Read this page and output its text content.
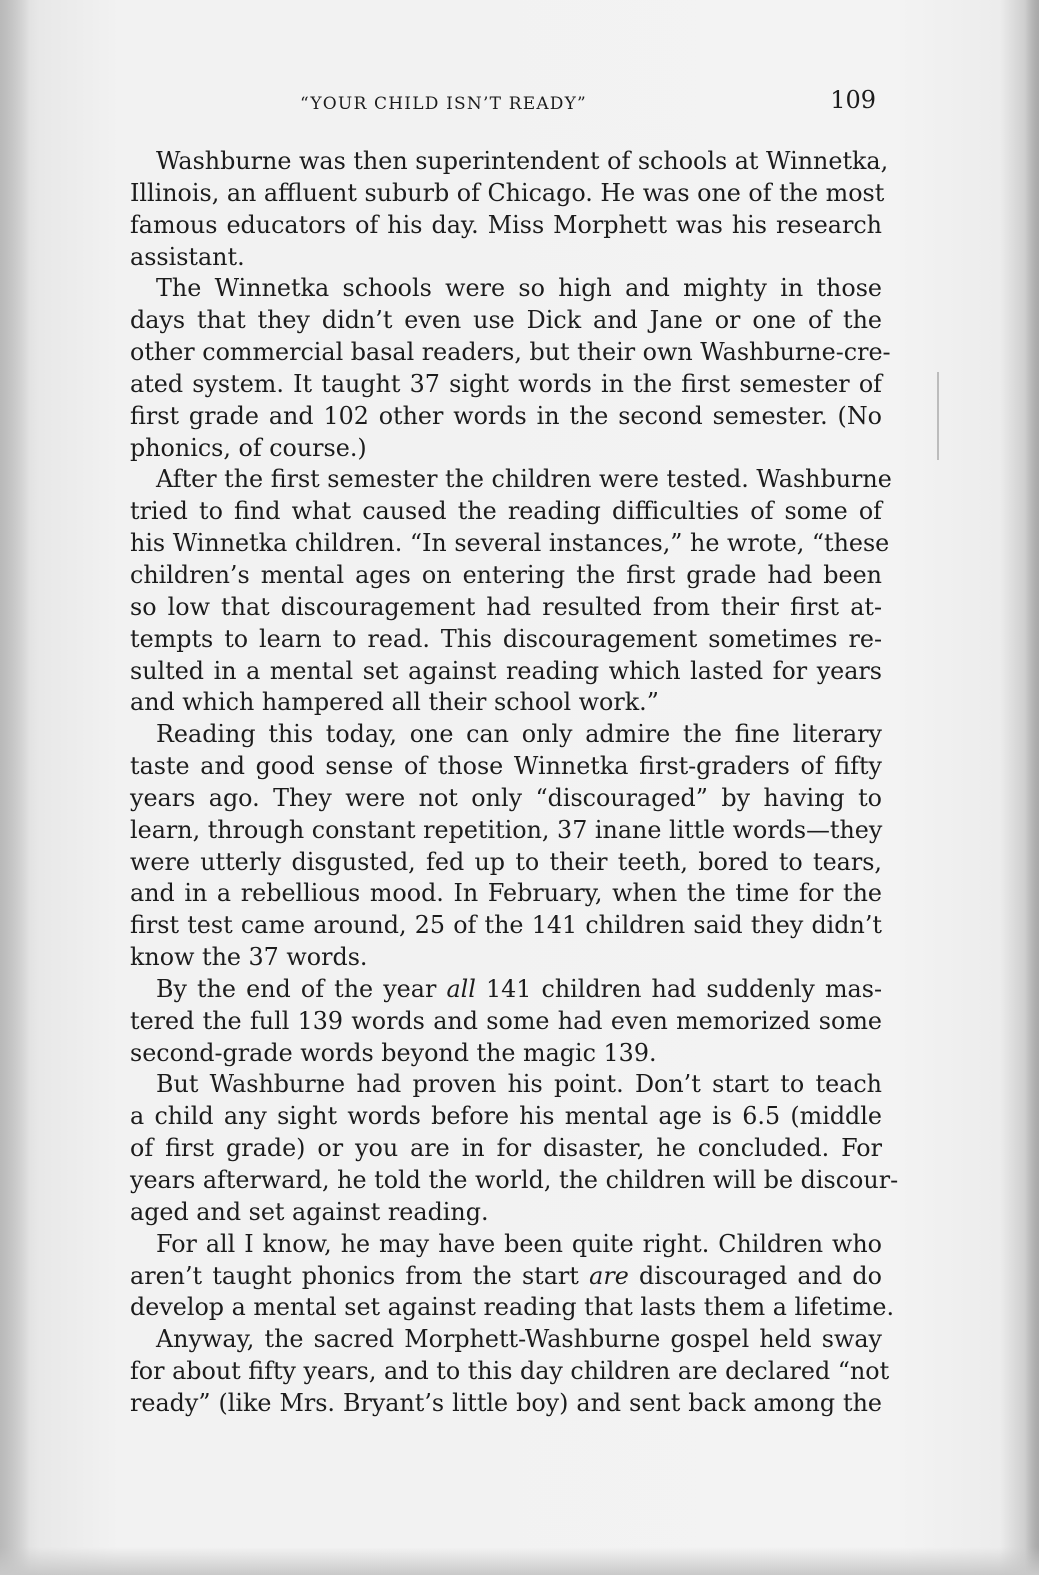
“YOUR CHILD ISN’T READY”	109
Washburne was then superintendent of schools at Winnetka,
Illinois, an affluent suburb of Chicago. He was one of the most
famous educators of his day. Miss Morphett was his research
assistant.
The Winnetka schools were so high and mighty in those
days that they didn’t even use Dick and Jane or one of the
other commercial basal readers, but their own Washburne-cre-
ated system. It taught 37 sight words in the first semester of
first grade and 102 other words in the second semester. (No
phonics, of course.)
After the first semester the children were tested. Washburne
tried to find what caused the reading difficulties of some of
his Winnetka children. “In several instances,” he wrote, “these
children’s mental ages on entering the first grade had been
so low that discouragement had resulted from their first at-
tempts to learn to read. This discouragement sometimes re-
sulted in a mental set against reading which lasted for years
and which hampered all their school work.”
Reading this today, one can only admire the fine literary
taste and good sense of those Winnetka first-graders of fifty
years ago. They were not only “discouraged” by having to
learn, through constant repetition, 37 inane little words—they
were utterly disgusted, fed up to their teeth, bored to tears,
and in a rebellious mood. In February, when the time for the
first test came around, 25 of the 141 children said they didn’t
know the 37 words.
By the end of the year all 141 children had suddenly mas-
tered the full 139 words and some had even memorized some
second-grade words beyond the magic 139.
But Washburne had proven his point. Don’t start to teach
a child any sight words before his mental age is 6.5 (middle
of first grade) or you are in for disaster, he concluded. For
years afterward, he told the world, the children will be discour-
aged and set against reading.
For all I know, he may have been quite right. Children who
aren’t taught phonics from the start are discouraged and do
develop a mental set against reading that lasts them a lifetime.
Anyway, the sacred Morphett-Washburne gospel held sway
for about fifty years, and to this day children are declared “not
ready” (like Mrs. Bryant’s little boy) and sent back among the
